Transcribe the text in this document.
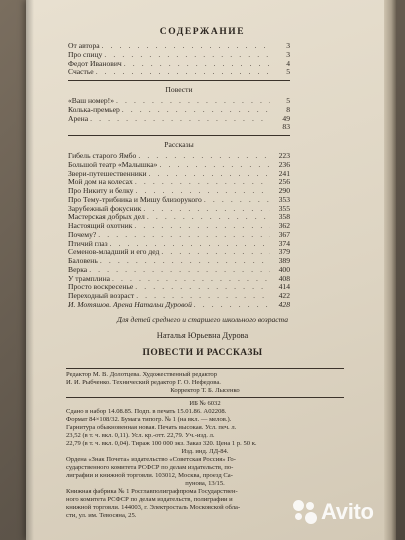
СОДЕРЖАНИЕ
От автора . . .	3
Про спицу . . .	3
Федот Иванович . . .	4
Счастье . . .	5
Повести
«Ваш номер!» . . .	5
Колька-премьер . . .	8
Арена . . .	49
83
Рассказы
Гибель старого Ямбо . . .	223
Большой театр «Малышка» . . .	236
Звери-путешественники . . .	241
Мой дом на колесах . . .	256
Про Никиту и белку . . .	290
Про Тему-трибника и Мишу близорукого . . .	353
Зарубежный фокусник . . .	355
Мастерская добрых дел . . .	358
Настоящий охотник . . .	362
Почему? . . .	367
Птичий глаз . . .	374
Семенов-младший и его дед . . .	379
Баловень . . .	389
Верка . . .	400
У трамплина . . .	408
Просто воскресенье . . .	414
Переходный возраст . . .	422
И. Мотяшов. Арена Натальи Дуровой . . .	428
Для детей среднего и старшего школьного возраста
Наталья Юрьевна Дурова
ПОВЕСТИ И РАССКАЗЫ
Редактор М. В. Долотцева. Художественный редактор
И. И. Рыбченко. Технический редактор Г. О. Нефедова.
Корректор Т. Б. Лысенко
ИБ № 6032
Сдано в набор 14.08.85. Подп. в печать 15.01.86. А02208.
Формат 84×108/32. Бумага типогр. № 1 (на вкл. — мелов.).
Гарнитура обыкновенная новая. Печать высокая. Усл. печ. л.
23,52 (в т. ч. вкл. 0,11). Усл. кр.-отт. 22,79. Уч.-изд. л.
22,79 (в т. ч. вкл. 0,04). Тираж 100 000 экз. Заказ 320. Цена 1 р. 50 к.
Изд. инд. ЛД-84.
Ордена «Знак Почета» издательство «Советская Россия» Го-
сударственного комитета РСФСР по делам издательств, по-
лиграфии и книжной торговли. 103012, Москва, проезд Са-
пунова, 13/15.
Книжная фабрика № 1 Росглавполиграфпрома Государствен-
ного комитета РСФСР по делам издательств, полиграфии и
книжной торговли. 144003, г. Электросталь Московской обла-
сти, ул. им. Тевосяна, 25.	Avito
